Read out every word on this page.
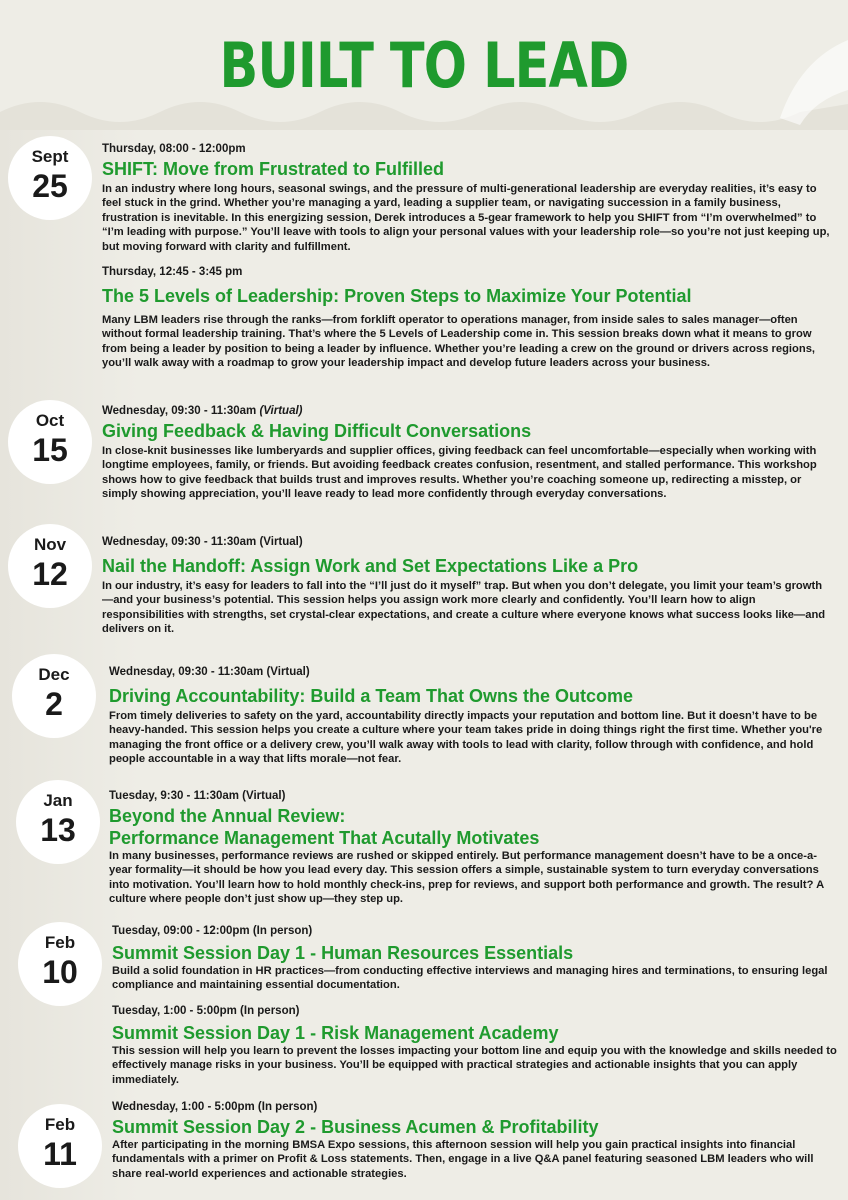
BUILT TO LEAD
Sept
25
Oct
15
Nov
12
Dec
2
Jan
13
Feb
10
Feb
11
Thursday, 08:00 - 12:00pm
SHIFT: Move from Frustrated to Fulfilled
In an industry where long hours, seasonal swings, and the pressure of multi-generational leadership are everyday realities, it’s easy to feel stuck in the grind. Whether you’re managing a yard, leading a supplier team, or navigating succession in a family business, frustration is inevitable. In this energizing session, Derek introduces a 5-gear framework to help you SHIFT from “I’m overwhelmed” to “I’m leading with purpose.” You’ll leave with tools to align your personal values with your leadership role—so you’re not just keeping up, but moving forward with clarity and fulfillment.
Thursday, 12:45 - 3:45 pm
The 5 Levels of Leadership: Proven Steps to Maximize Your Potential
Many LBM leaders rise through the ranks—from forklift operator to operations manager, from inside sales to sales manager—often without formal leadership training. That’s where the 5 Levels of Leadership come in. This session breaks down what it means to grow from being a leader by position to being a leader by influence. Whether you’re leading a crew on the ground or drivers across regions, you’ll walk away with a roadmap to grow your leadership impact and develop future leaders across your business.
Wednesday, 09:30 - 11:30am (Virtual)
Giving Feedback & Having Difficult Conversations
In close-knit businesses like lumberyards and supplier offices, giving feedback can feel uncomfortable—especially when working with longtime employees, family, or friends. But avoiding feedback creates confusion, resentment, and stalled performance. This workshop shows how to give feedback that builds trust and improves results. Whether you’re coaching someone up, redirecting a misstep, or simply showing appreciation, you’ll leave ready to lead more confidently through everyday conversations.
Wednesday, 09:30 - 11:30am (Virtual)
Nail the Handoff: Assign Work and Set Expectations Like a Pro
In our industry, it’s easy for leaders to fall into the “I’ll just do it myself” trap. But when you don’t delegate, you limit your team’s growth—and your business’s potential. This session helps you assign work more clearly and confidently. You’ll learn how to align responsibilities with strengths, set crystal-clear expectations, and create a culture where everyone knows what success looks like—and delivers on it.
Wednesday, 09:30 - 11:30am (Virtual)
Driving Accountability: Build a Team That Owns the Outcome
From timely deliveries to safety on the yard, accountability directly impacts your reputation and bottom line. But it doesn’t have to be heavy-handed. This session helps you create a culture where your team takes pride in doing things right the first time. Whether you're managing the front office or a delivery crew, you’ll walk away with tools to lead with clarity, follow through with confidence, and hold people accountable in a way that lifts morale—not fear.
Tuesday, 9:30 - 11:30am (Virtual)
Beyond the Annual Review:
Performance Management That Acutally Motivates
In many businesses, performance reviews are rushed or skipped entirely. But performance management doesn’t have to be a once-a-year formality—it should be how you lead every day. This session offers a simple, sustainable system to turn everyday conversations into motivation. You’ll learn how to hold monthly check-ins, prep for reviews, and support both performance and growth. The result? A culture where people don’t just show up—they step up.
Tuesday, 09:00 - 12:00pm (In person)
Summit Session Day 1 - Human Resources Essentials
Build a solid foundation in HR practices—from conducting effective interviews and managing hires and terminations, to ensuring legal compliance and maintaining essential documentation.
Tuesday, 1:00 - 5:00pm (In person)
Summit Session Day 1 - Risk Management Academy
This session will help you learn to prevent the losses impacting your bottom line and equip you with the knowledge and skills needed to effectively manage risks in your business. You’ll be equipped with practical strategies and actionable insights that you can apply immediately.
Wednesday, 1:00 - 5:00pm (In person)
Summit Session Day 2 - Business Acumen & Profitability
After participating in the morning BMSA Expo sessions, this afternoon session will help you gain practical insights into financial fundamentals with a primer on Profit & Loss statements. Then, engage in a live Q&A panel featuring seasoned LBM leaders who will share real-world experiences and actionable strategies.
